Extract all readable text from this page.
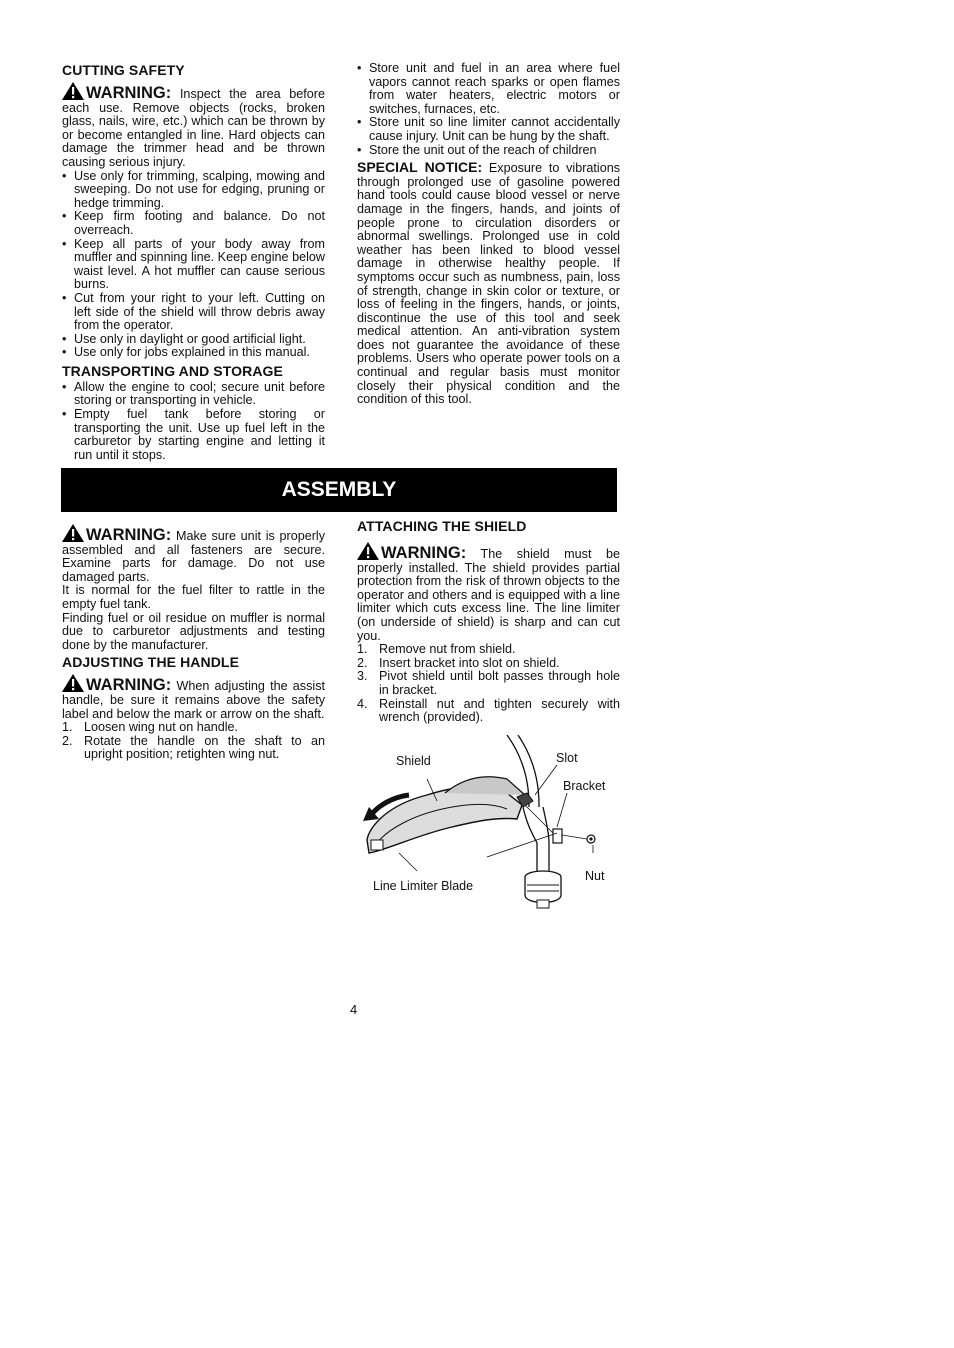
CUTTING SAFETY

WARNING: Inspect the area before each use. Remove objects (rocks, broken glass, nails, wire, etc.) which can be thrown by or become entangled in line. Hard objects can damage the trimmer head and be thrown causing serious injury.

• Use only for trimming, scalping, mowing and sweeping. Do not use for edging, pruning or hedge trimming.
• Keep firm footing and balance. Do not overreach.
• Keep all parts of your body away from muffler and spinning line. Keep engine below waist level. A hot muffler can cause serious burns.
• Cut from your right to your left. Cutting on left side of the shield will throw debris away from the operator.
• Use only in daylight or good artificial light.
• Use only for jobs explained in this manual.
TRANSPORTING AND STORAGE
• Allow the engine to cool; secure unit before storing or transporting in vehicle.
• Empty fuel tank before storing or transporting the unit. Use up fuel left in the carburetor by starting engine and letting it run until it stops.
• Store unit and fuel in an area where fuel vapors cannot reach sparks or open flames from water heaters, electric motors or switches, furnaces, etc.
• Store unit so line limiter cannot accidentally cause injury. Unit can be hung by the shaft.
• Store the unit out of the reach of children

SPECIAL NOTICE: Exposure to vibrations through prolonged use of gasoline powered hand tools could cause blood vessel or nerve damage in the fingers, hands, and joints of people prone to circulation disorders or abnormal swellings. Prolonged use in cold weather has been linked to blood vessel damage in otherwise healthy people. If symptoms occur such as numbness, pain, loss of strength, change in skin color or texture, or loss of feeling in the fingers, hands, or joints, discontinue the use of this tool and seek medical attention. An anti-vibration system does not guarantee the avoidance of these problems. Users who operate power tools on a continual and regular basis must monitor closely their physical condition and the condition of this tool.

ASSEMBLY

WARNING: Make sure unit is properly assembled and all fasteners are secure. Examine parts for damage. Do not use damaged parts.

It is normal for the fuel filter to rattle in the empty fuel tank.

Finding fuel or oil residue on muffler is normal due to carburetor adjustments and testing done by the manufacturer.

ADJUSTING THE HANDLE

WARNING: When adjusting the assist handle, be sure it remains above the safety label and below the mark or arrow on the shaft.

1. Loosen wing nut on handle.
2. Rotate the handle on the shaft to an upright position; retighten wing nut.
ATTACHING THE SHIELD

WARNING: The shield must be properly installed. The shield provides partial protection from the risk of thrown objects to the operator and others and is equipped with a line limiter which cuts excess line. The line limiter (on underside of shield) is sharp and can cut you.

1. Remove nut from shield.
2. Insert bracket into slot on shield.
3. Pivot shield until bolt passes through hole in bracket.
4. Reinstall nut and tighten securely with wrench (provided).
Shield	Slot
Bracket
Nut
Line Limiter Blade
4
